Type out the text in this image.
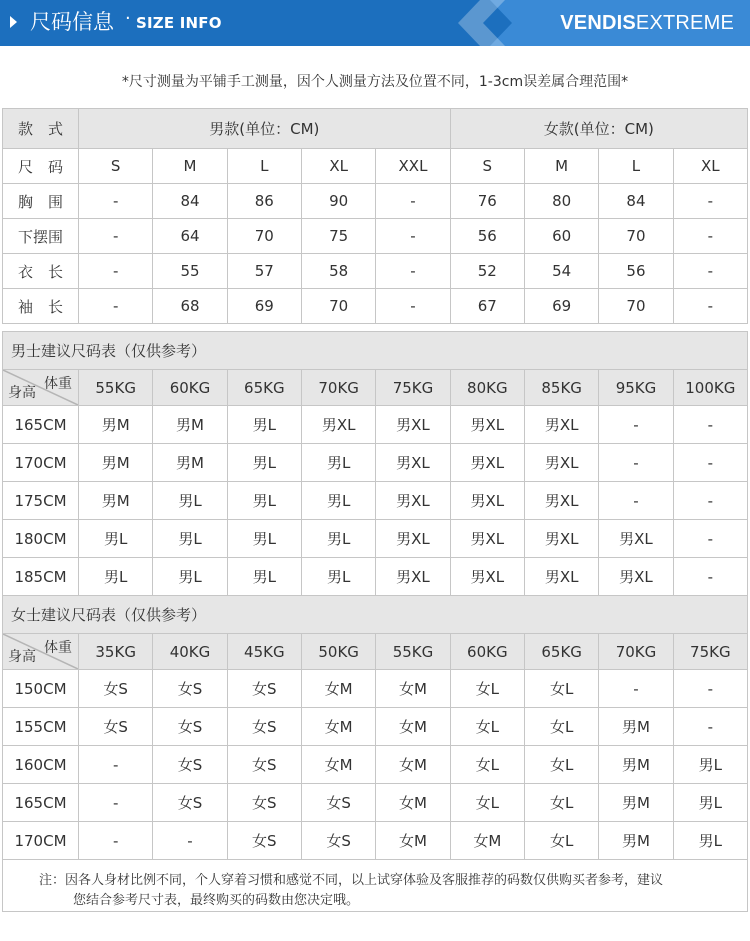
尺码信息 · SIZE INFO	VENDISEXTREME
*尺寸测量为平铺手工测量，因个人测量方法及位置不同，1-3cm误差属合理范围*
款　式	男款(单位：CM)					女款(单位：CM)			
尺　码	S	M	L	XL	XXL	S	M	L	XL
胸　围	-	84	86	90	-	76	80	84	-
下摆围	-	64	70	75	-	56	60	70	-
衣　长	-	55	57	58	-	52	54	56	-
袖　长	-	68	69	70	-	67	69	70	-
男士建议尺码表（仅供参考）									

体重
身高	55KG	60KG	65KG	70KG	75KG	80KG	85KG	95KG	100KG
165CM	男M	男M	男L	男XL	男XL	男XL	男XL	-	-
170CM	男M	男M	男L	男L	男XL	男XL	男XL	-	-
175CM	男M	男L	男L	男L	男XL	男XL	男XL	-	-
180CM	男L	男L	男L	男L	男XL	男XL	男XL	男XL	-
185CM	男L	男L	男L	男L	男XL	男XL	男XL	男XL	-
女士建议尺码表（仅供参考）									

体重
身高	35KG	40KG	45KG	50KG	55KG	60KG	65KG	70KG	75KG
150CM	女S	女S	女S	女M	女M	女L	女L	-	-
155CM	女S	女S	女S	女M	女M	女L	女L	男M	-
160CM	-	女S	女S	女M	女M	女L	女L	男M	男L
165CM	-	女S	女S	女S	女M	女L	女L	男M	男L
170CM	-	-	女S	女S	女M	女M	女L	男M	男L
注：因各人身材比例不同，个人穿着习惯和感觉不同，以上试穿体验及客服推荐的码数仅供购买者参考，建议
您结合参考尺寸表，最终购买的码数由您决定哦。
